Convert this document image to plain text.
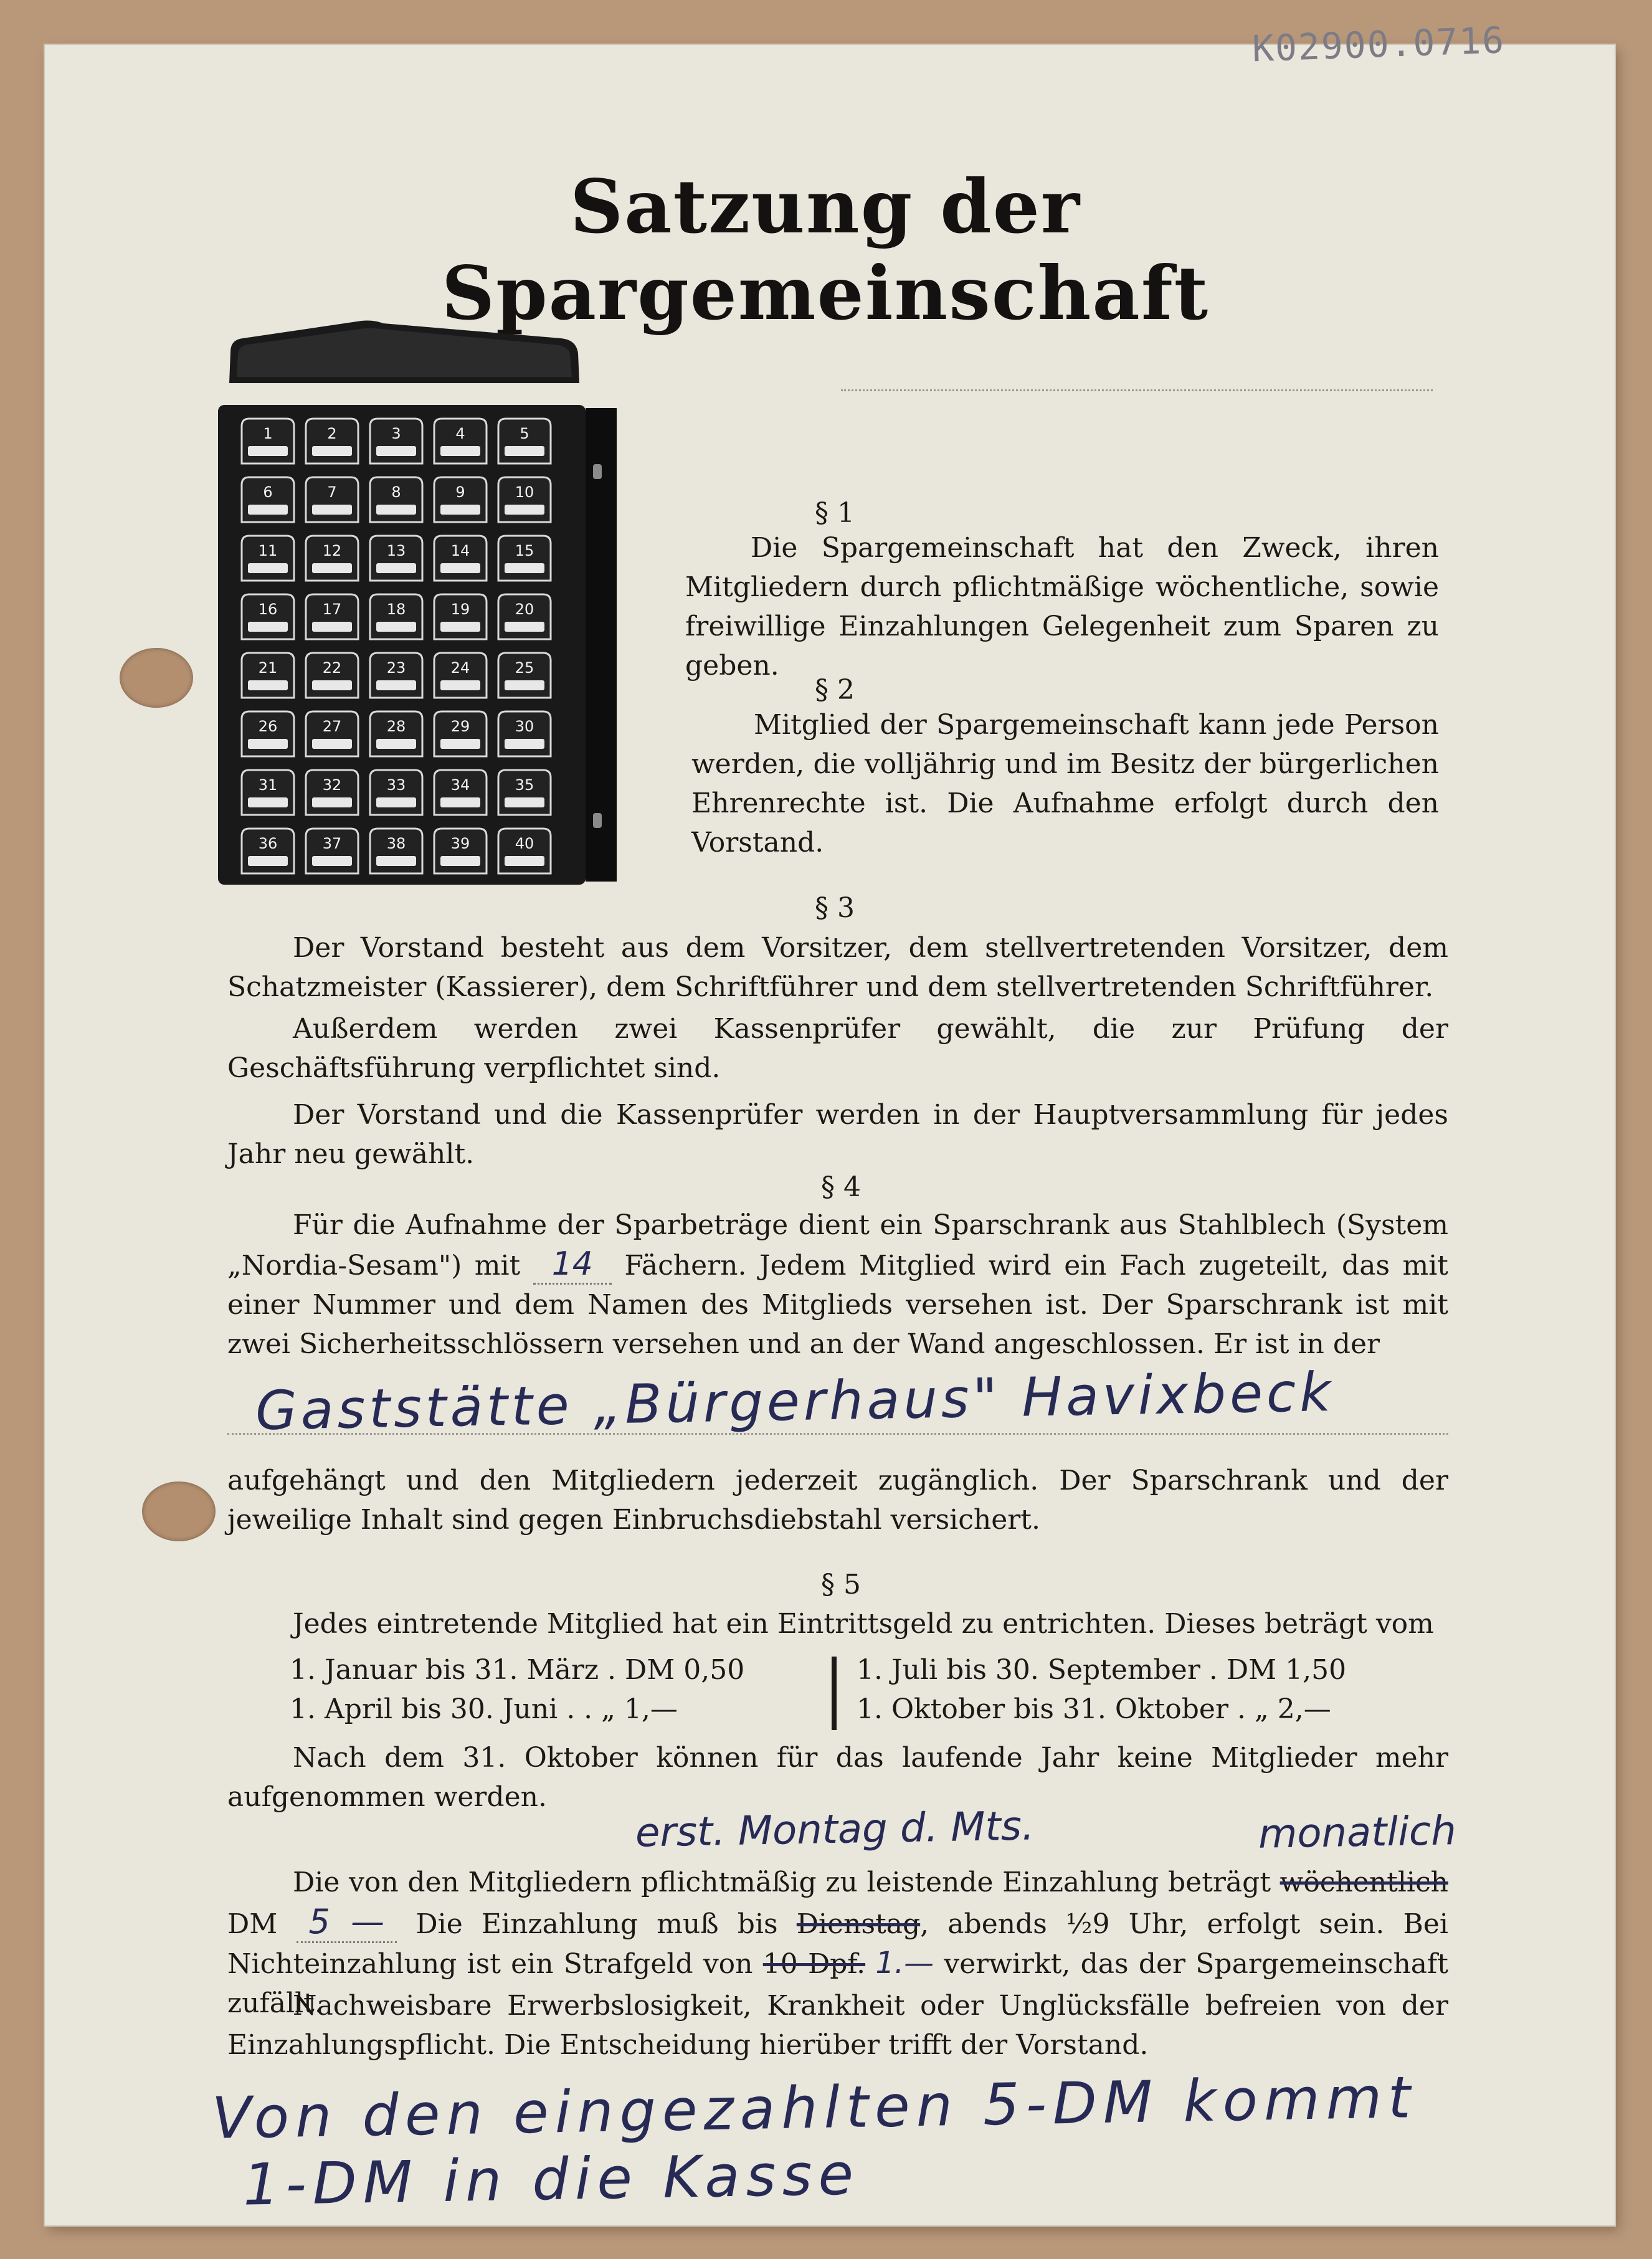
K02900.0716
Satzung der Spargemeinschaft
1	2	3	4	5
6	7	8	9	10
11	12	13	14	15
16	17	18	19	20
21	22	23	24	25
26	27	28	29	30
31	32	33	34	35
36	37	38	39	40
§ 1

Die Spargemeinschaft hat den Zweck, ihren Mitgliedern durch pflichtmäßige wöchentliche, sowie freiwillige Einzahlungen Gelegenheit zum Sparen zu geben.

§ 2

Mitglied der Spargemeinschaft kann jede Person werden, die volljährig und im Besitz der bürgerlichen Ehrenrechte ist. Die Aufnahme erfolgt durch den Vorstand.

§ 3

Der Vorstand besteht aus dem Vorsitzer, dem stellvertretenden Vorsitzer, dem Schatzmeister (Kassierer), dem Schriftführer und dem stellvertretenden Schriftführer.

Außerdem werden zwei Kassenprüfer gewählt, die zur Prüfung der Geschäftsführung verpflichtet sind.

Der Vorstand und die Kassenprüfer werden in der Hauptversammlung für jedes Jahr neu gewählt.

§ 4

Für die Aufnahme der Sparbeträge dient ein Sparschrank aus Stahlblech (System „Nordia-Sesam") mit 14 Fächern. Jedem Mitglied wird ein Fach zugeteilt, das mit einer Nummer und dem Namen des Mitglieds versehen ist. Der Sparschrank ist mit zwei Sicherheitsschlössern versehen und an der Wand angeschlossen. Er ist in der

Gaststätte „Bürgerhaus" Havixbeck

aufgehängt und den Mitgliedern jederzeit zugänglich. Der Sparschrank und der jeweilige Inhalt sind gegen Einbruchsdiebstahl versichert.

§ 5

Jedes eintretende Mitglied hat ein Eintrittsgeld zu entrichten. Dieses beträgt vom

1. Januar bis 31. März . DM 0,50
1. April bis 30. Juni . . „ 1,—
1. Juli bis 30. September . DM 1,50
1. Oktober bis 31. Oktober . „ 2,—

Nach dem 31. Oktober können für das laufende Jahr keine Mitglieder mehr aufgenommen werden.

erst. Montag d. Mts.	monatlich

Die von den Mitgliedern pflichtmäßig zu leistende Einzahlung beträgt wöchentlich DM 5 — Die Einzahlung muß bis Dienstag, abends ½9 Uhr, erfolgt sein. Bei Nichteinzahlung ist ein Strafgeld von 10 Dpf. 1.— verwirkt, das der Spargemeinschaft zufällt.

Nachweisbare Erwerbslosigkeit, Krankheit oder Unglücksfälle befreien von der Einzahlungspflicht. Die Entscheidung hierüber trifft der Vorstand.

Von den eingezahlten 5-DM kommt
1-DM in die Kasse
